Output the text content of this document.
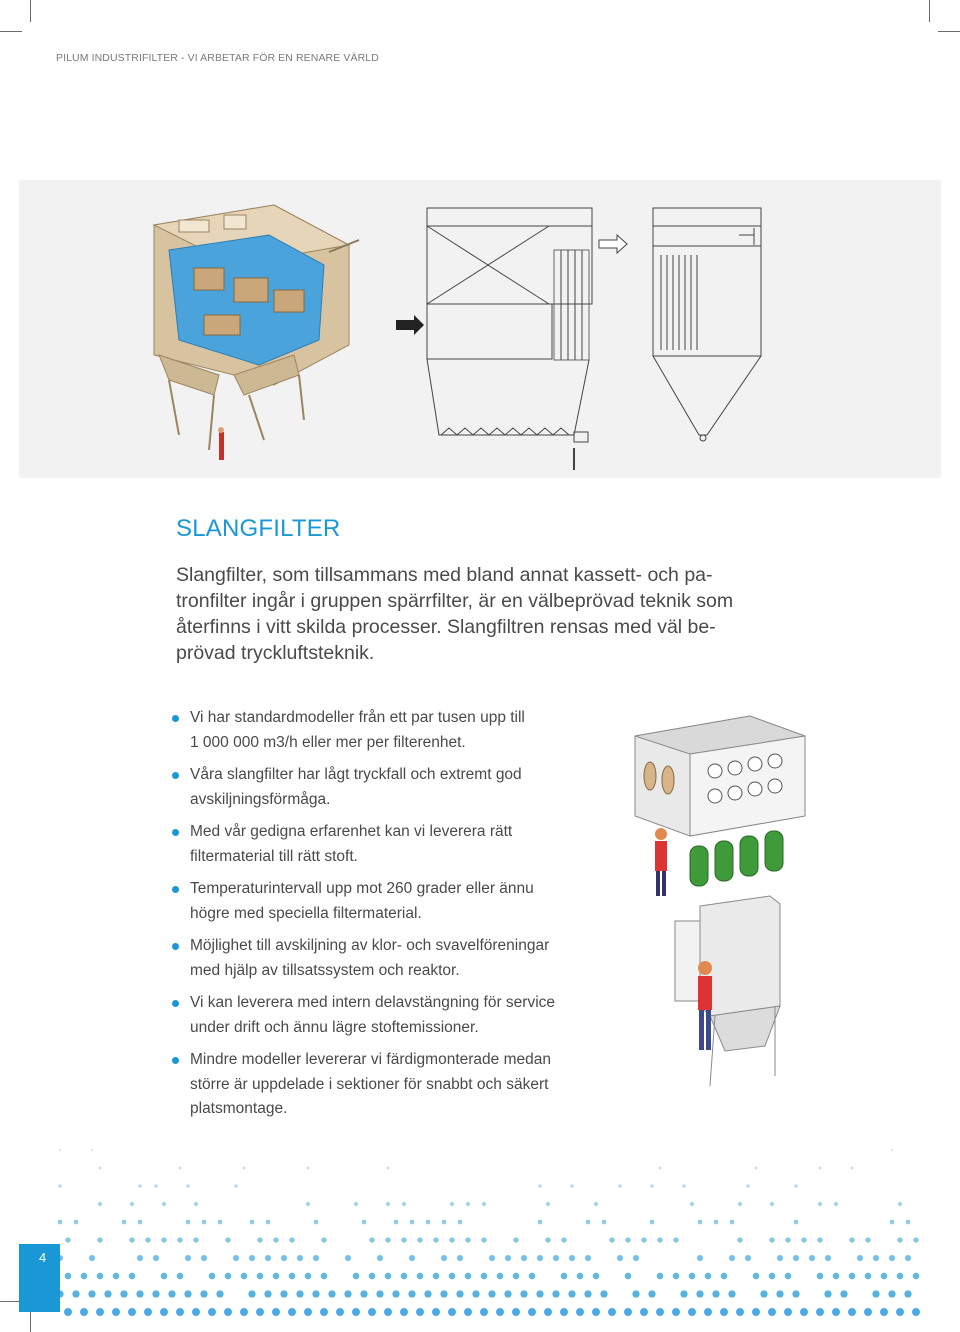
PILUM INDUSTRIFILTER - VI ARBETAR FÖR EN RENARE VÄRLD
SLANGFILTER
Slangfilter, som tillsammans med bland annat kassett- och pa-
tronfilter ingår i gruppen spärrfilter, är en välbeprövad teknik som
återfinns i vitt skilda processer. Slangfiltren rensas med väl be-
prövad tryckluftsteknik.
Vi har standardmodeller från ett par tusen upp till
1 000 000 m3/h eller mer per filterenhet.
Våra slangfilter har lågt tryckfall och extremt god
avskiljningsförmåga.
Med vår gedigna erfarenhet kan vi leverera rätt
filtermaterial till rätt stoft.
Temperaturintervall upp mot 260 grader eller ännu
högre med speciella filtermaterial.
Möjlighet till avskiljning av klor- och svavelföreningar
med hjälp av tillsatssystem och reaktor.
Vi kan leverera med intern delavstängning för service
under drift och ännu lägre stoftemissioner.
Mindre modeller levererar vi färdigmonterade medan
större är uppdelade i sektioner för snabbt och säkert
platsmontage.
4
